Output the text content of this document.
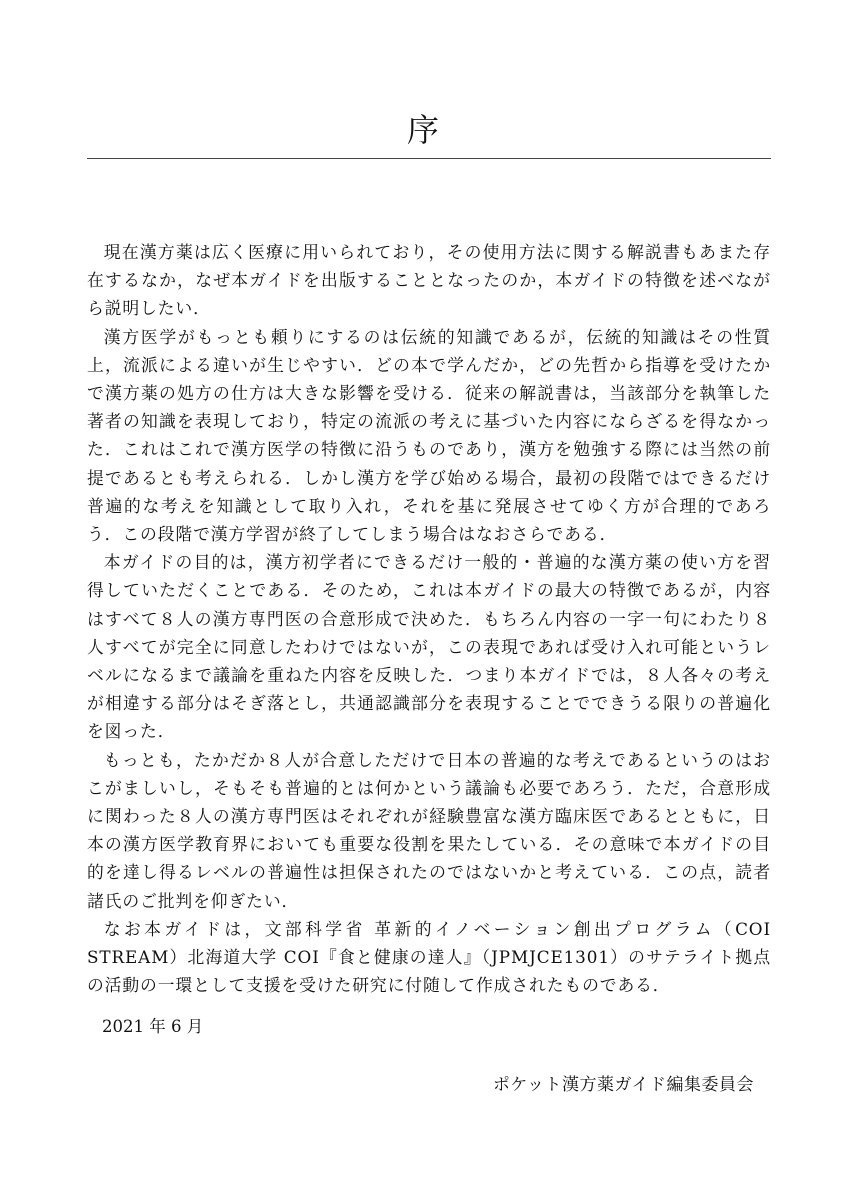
序

現在漢方薬は広く医療に用いられており，その使用方法に関する解説書もあまた存在するなか，なぜ本ガイドを出版することとなったのか，本ガイドの特徴を述べながら説明したい．

漢方医学がもっとも頼りにするのは伝統的知識であるが，伝統的知識はその性質上，流派による違いが生じやすい．どの本で学んだか，どの先哲から指導を受けたかで漢方薬の処方の仕方は大きな影響を受ける．従来の解説書は，当該部分を執筆した著者の知識を表現しており，特定の流派の考えに基づいた内容にならざるを得なかった．これはこれで漢方医学の特徴に沿うものであり，漢方を勉強する際には当然の前提であるとも考えられる．しかし漢方を学び始める場合，最初の段階ではできるだけ普遍的な考えを知識として取り入れ，それを基に発展させてゆく方が合理的であろう．この段階で漢方学習が終了してしまう場合はなおさらである．

本ガイドの目的は，漢方初学者にできるだけ一般的・普遍的な漢方薬の使い方を習得していただくことである．そのため，これは本ガイドの最大の特徴であるが，内容はすべて８人の漢方専門医の合意形成で決めた．もちろん内容の一字一句にわたり８人すべてが完全に同意したわけではないが，この表現であれば受け入れ可能というレベルになるまで議論を重ねた内容を反映した．つまり本ガイドでは，８人各々の考えが相違する部分はそぎ落とし，共通認識部分を表現することでできうる限りの普遍化を図った．

もっとも，たかだか８人が合意しただけで日本の普遍的な考えであるというのはおこがましいし，そもそも普遍的とは何かという議論も必要であろう．ただ，合意形成に関わった８人の漢方専門医はそれぞれが経験豊富な漢方臨床医であるとともに，日本の漢方医学教育界においても重要な役割を果たしている．その意味で本ガイドの目的を達し得るレベルの普遍性は担保されたのではないかと考えている．この点，読者諸氏のご批判を仰ぎたい．

なお本ガイドは，文部科学省 革新的イノベーション創出プログラム（COI STREAM）北海道大学 COI『食と健康の達人』（JPMJCE1301）のサテライト拠点の活動の一環として支援を受けた研究に付随して作成されたものである．

2021 年 6 月
ポケット漢方薬ガイド編集委員会
